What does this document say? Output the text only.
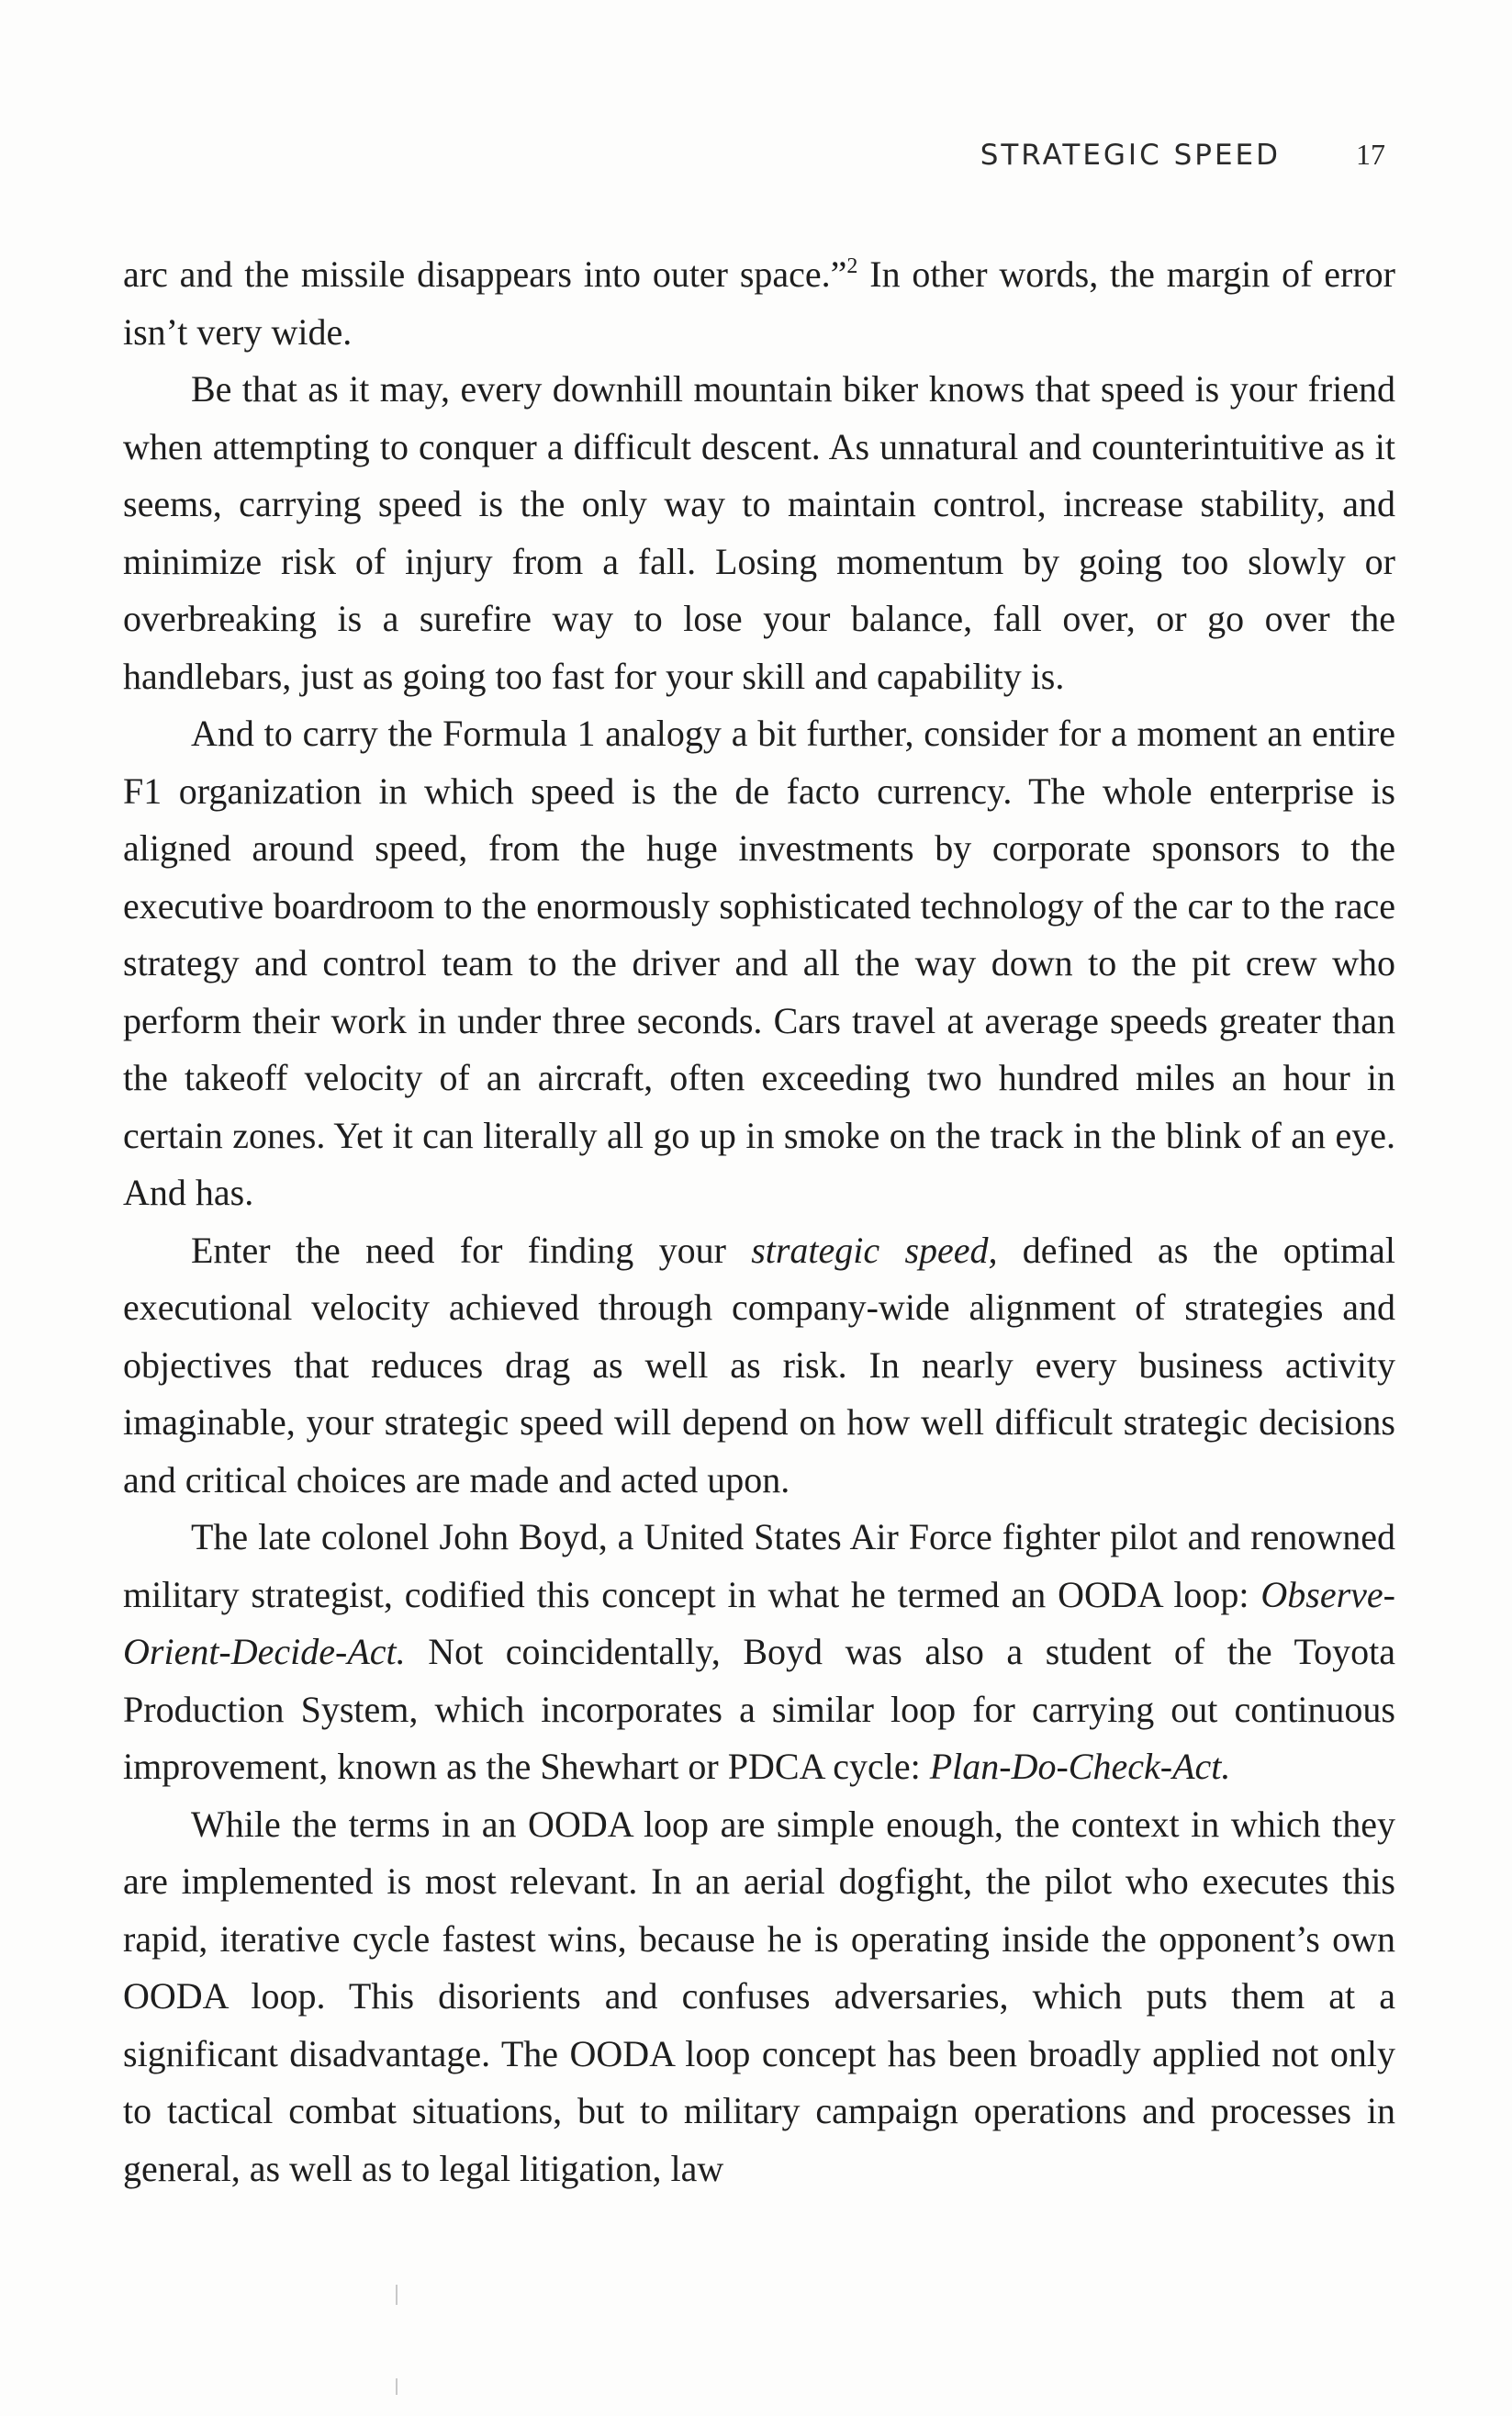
STRATEGIC SPEED	17

arc and the missile disappears into outer space.”$^2$ In other words, the margin of error isn’t very wide.

Be that as it may, every downhill mountain biker knows that speed is your friend when attempting to conquer a difficult descent. As unnatural and counterintuitive as it seems, carrying speed is the only way to maintain control, increase stability, and minimize risk of injury from a fall. Losing momentum by going too slowly or overbreaking is a surefire way to lose your balance, fall over, or go over the handlebars, just as going too fast for your skill and capability is.

And to carry the Formula 1 analogy a bit further, consider for a moment an entire F1 organization in which speed is the de facto currency. The whole enterprise is aligned around speed, from the huge investments by corporate sponsors to the executive boardroom to the enormously sophisticated technology of the car to the race strategy and control team to the driver and all the way down to the pit crew who perform their work in under three seconds. Cars travel at average speeds greater than the takeoff velocity of an aircraft, often exceeding two hundred miles an hour in certain zones. Yet it can literally all go up in smoke on the track in the blink of an eye. And has.

Enter the need for finding your strategic speed, defined as the optimal executional velocity achieved through company-wide alignment of strategies and objectives that reduces drag as well as risk. In nearly every business activity imaginable, your strategic speed will depend on how well difficult strategic decisions and critical choices are made and acted upon.

The late colonel John Boyd, a United States Air Force fighter pilot and renowned military strategist, codified this concept in what he termed an OODA loop: Observe-Orient-Decide-Act. Not coincidentally, Boyd was also a student of the Toyota Production System, which incorporates a similar loop for carrying out continuous improvement, known as the Shewhart or PDCA cycle: Plan-Do-Check-Act.

While the terms in an OODA loop are simple enough, the context in which they are implemented is most relevant. In an aerial dogfight, the pilot who executes this rapid, iterative cycle fastest wins, because he is operating inside the opponent’s own OODA loop. This disorients and confuses adversaries, which puts them at a significant disadvantage. The OODA loop concept has been broadly applied not only to tactical combat situations, but to military campaign operations and processes in general, as well as to legal litigation, law
